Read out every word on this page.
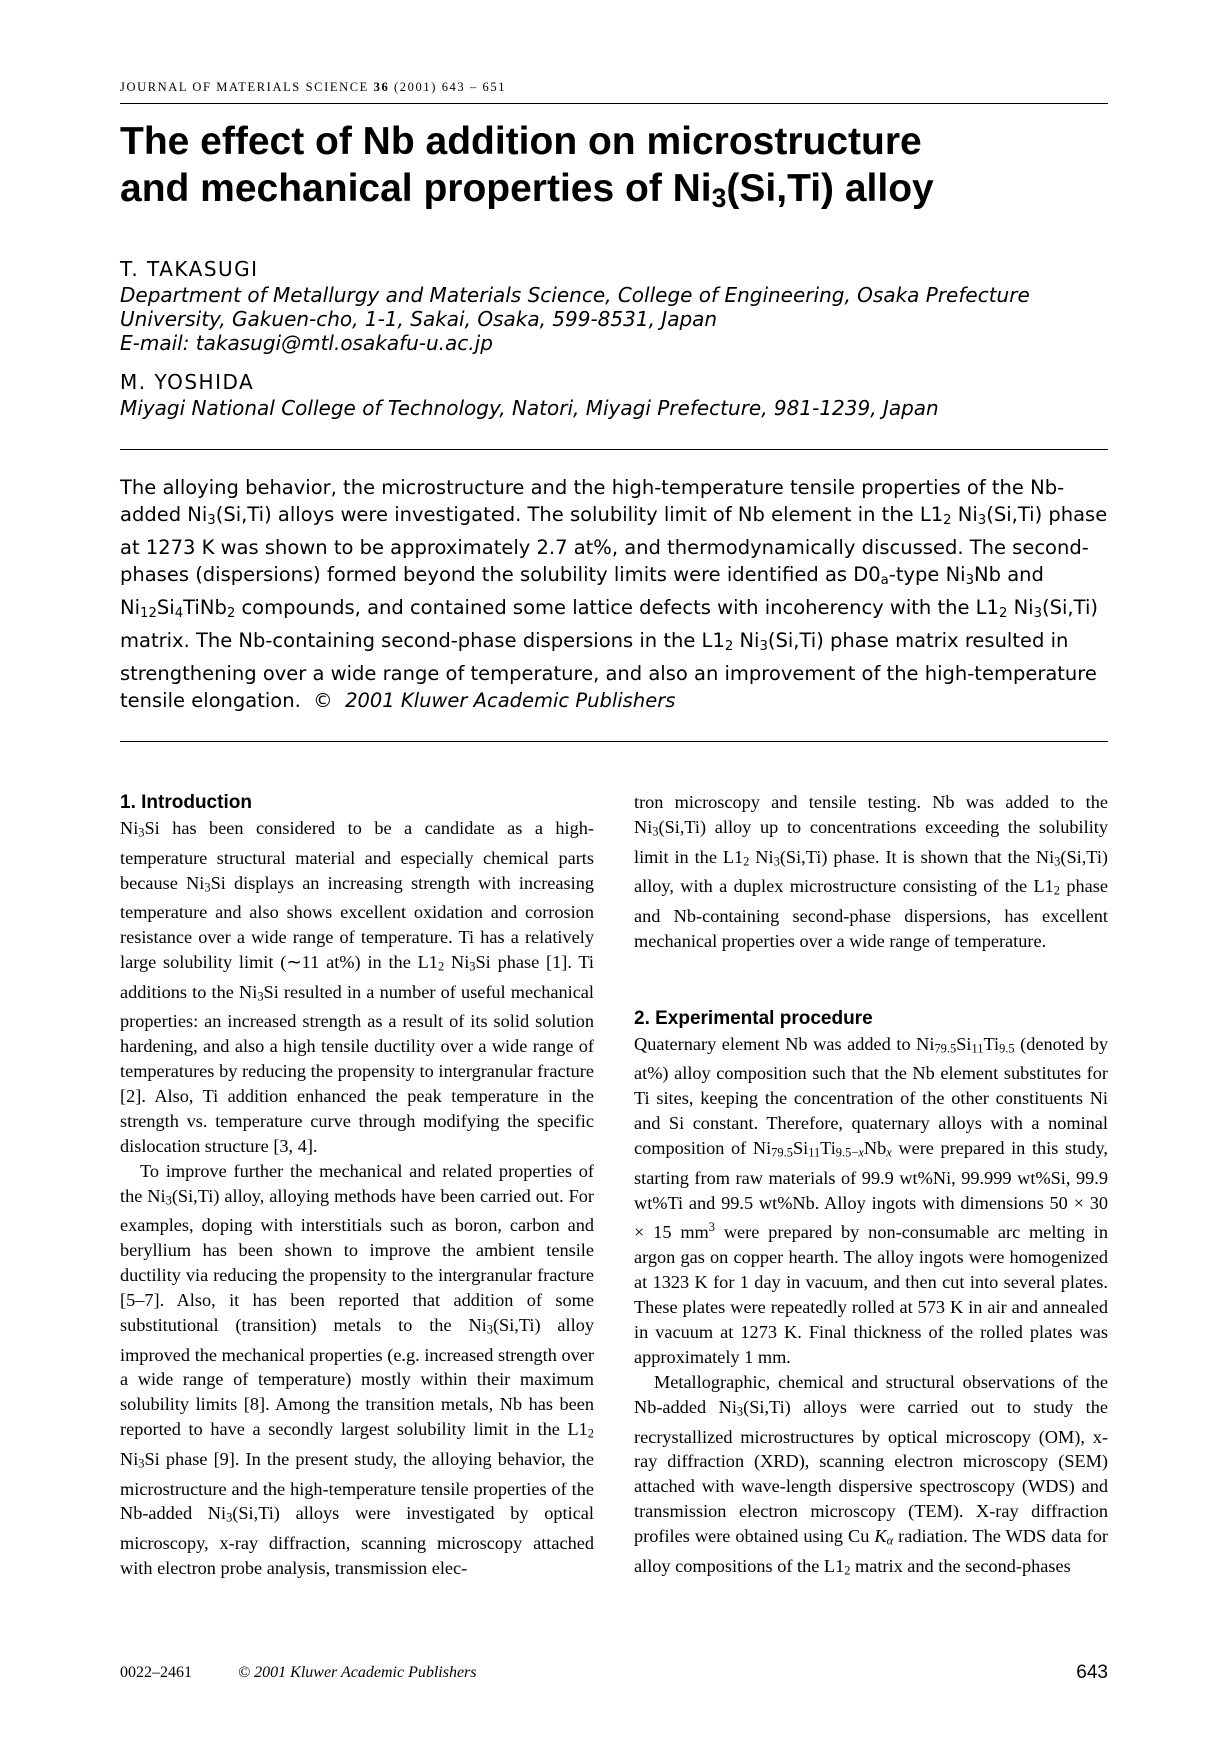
JOURNAL OF MATERIALS SCIENCE 36 (2001) 643 – 651
The effect of Nb addition on microstructure
and mechanical properties of $Ni_3(Si,Ti)$ alloy
T. TAKASUGI
Department of Metallurgy and Materials Science, College of Engineering, Osaka Prefecture
University, Gakuen-cho, 1-1, Sakai, Osaka, 599-8531, Japan
E-mail: takasugi@mtl.osakafu-u.ac.jp
M. YOSHIDA
Miyagi National College of Technology, Natori, Miyagi Prefecture, 981-1239, Japan

The alloying behavior, the microstructure and the high-temperature tensile properties of the Nb-added $Ni_3(Si,Ti)$ alloys were investigated. The solubility limit of Nb element in the $L1_2$ $Ni_3(Si,Ti)$ phase at 1273 K was shown to be approximately 2.7 at%, and thermodynamically discussed. The second-phases (dispersions) formed beyond the solubility limits were identified as $D0_a$-type $Ni_3Nb$ and $Ni_{12}Si_4TiNb_2$ compounds, and contained some lattice defects with incoherency with the $L1_2$ $Ni_3(Si,Ti)$ matrix. The Nb-containing second-phase dispersions in the $L1_2$ $Ni_3(Si,Ti)$ phase matrix resulted in strengthening over a wide range of temperature, and also an improvement of the high-temperature tensile elongation.  © 2001 Kluwer Academic Publishers

1. Introduction

$Ni_3Si$ has been considered to be a candidate as a high-temperature structural material and especially chemical parts because $Ni_3Si$ displays an increasing strength with increasing temperature and also shows excellent oxidation and corrosion resistance over a wide range of temperature. Ti has a relatively large solubility limit (∼11 at%) in the $L1_2$ $Ni_3Si$ phase [1]. Ti additions to the $Ni_3Si$ resulted in a number of useful mechanical properties: an increased strength as a result of its solid solution hardening, and also a high tensile ductility over a wide range of temperatures by reducing the propensity to intergranular fracture [2]. Also, Ti addition enhanced the peak temperature in the strength vs. temperature curve through modifying the specific dislocation structure [3, 4].

To improve further the mechanical and related properties of the $Ni_3(Si,Ti)$ alloy, alloying methods have been carried out. For examples, doping with interstitials such as boron, carbon and beryllium has been shown to improve the ambient tensile ductility via reducing the propensity to the intergranular fracture [5–7]. Also, it has been reported that addition of some substitutional (transition) metals to the $Ni_3(Si,Ti)$ alloy improved the mechanical properties (e.g. increased strength over a wide range of temperature) mostly within their maximum solubility limits [8]. Among the transition metals, Nb has been reported to have a secondly largest solubility limit in the $L1_2$ $Ni_3Si$ phase [9]. In the present study, the alloying behavior, the microstructure and the high-temperature tensile properties of the Nb-added $Ni_3(Si,Ti)$ alloys were investigated by optical microscopy, x-ray diffraction, scanning microscopy attached with electron probe analysis, transmission elec-

tron microscopy and tensile testing. Nb was added to the $Ni_3(Si,Ti)$ alloy up to concentrations exceeding the solubility limit in the $L1_2$ $Ni_3(Si,Ti)$ phase. It is shown that the $Ni_3(Si,Ti)$ alloy, with a duplex microstructure consisting of the $L1_2$ phase and Nb-containing second-phase dispersions, has excellent mechanical properties over a wide range of temperature.

2. Experimental procedure

Quaternary element Nb was added to $Ni_{79.5}Si_{11}Ti_{9.5}$ (denoted by at%) alloy composition such that the Nb element substitutes for Ti sites, keeping the concentration of the other constituents Ni and Si constant. Therefore, quaternary alloys with a nominal composition of $Ni_{79.5}Si_{11}Ti_{9.5-x}Nb_x$ were prepared in this study, starting from raw materials of 99.9 wt%Ni, 99.999 wt%Si, 99.9 wt%Ti and 99.5 wt%Nb. Alloy ingots with dimensions 50 × 30 × 15 $mm^3$ were prepared by non-consumable arc melting in argon gas on copper hearth. The alloy ingots were homogenized at 1323 K for 1 day in vacuum, and then cut into several plates. These plates were repeatedly rolled at 573 K in air and annealed in vacuum at 1273 K. Final thickness of the rolled plates was approximately 1 mm.

Metallographic, chemical and structural observations of the Nb-added $Ni_3(Si,Ti)$ alloys were carried out to study the recrystallized microstructures by optical microscopy (OM), x-ray diffraction (XRD), scanning electron microscopy (SEM) attached with wave-length dispersive spectroscopy (WDS) and transmission electron microscopy (TEM). X-ray diffraction profiles were obtained using Cu $K_\alpha$ radiation. The WDS data for alloy compositions of the $L1_2$ matrix and the second-phases

0022–2461	© 2001 Kluwer Academic Publishers	643
